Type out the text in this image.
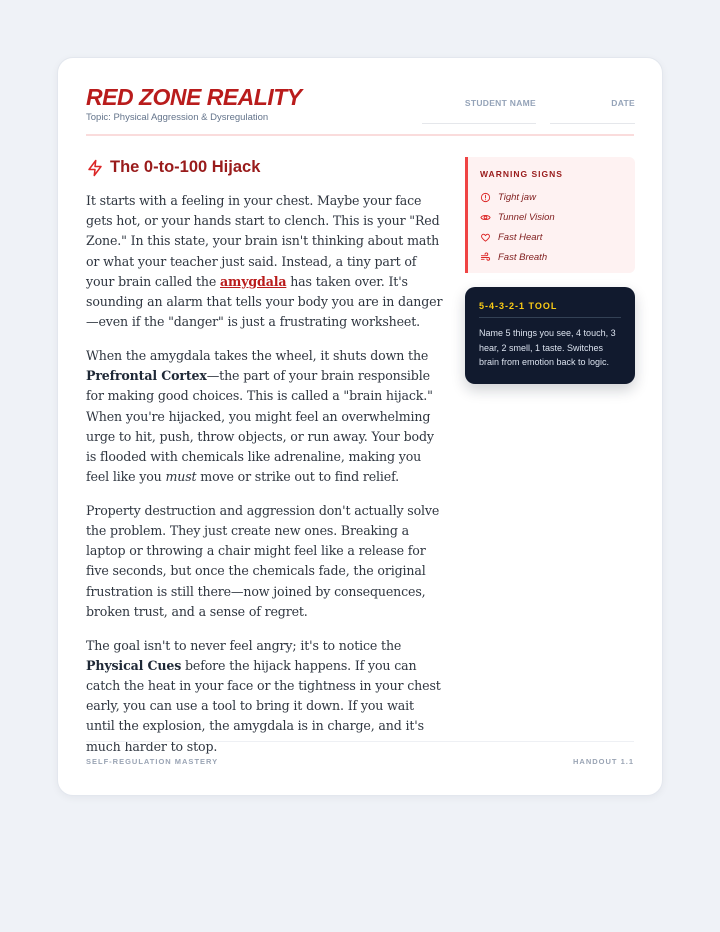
RED ZONE REALITY
Topic: Physical Aggression & Dysregulation
STUDENT NAME	DATE
The 0-to-100 Hijack

It starts with a feeling in your chest. Maybe your face gets hot, or your hands start to clench. This is your "Red Zone." In this state, your brain isn't thinking about math or what your teacher just said. Instead, a tiny part of your brain called the amygdala has taken over. It's sounding an alarm that tells your body you are in danger—even if the "danger" is just a frustrating worksheet.

When the amygdala takes the wheel, it shuts down the Prefrontal Cortex—the part of your brain responsible for making good choices. This is called a "brain hijack." When you're hijacked, you might feel an overwhelming urge to hit, push, throw objects, or run away. Your body is flooded with chemicals like adrenaline, making you feel like you must move or strike out to find relief.

Property destruction and aggression don't actually solve the problem. They just create new ones. Breaking a laptop or throwing a chair might feel like a release for five seconds, but once the chemicals fade, the original frustration is still there—now joined by consequences, broken trust, and a sense of regret.

The goal isn't to never feel angry; it's to notice the Physical Cues before the hijack happens. If you can catch the heat in your face or the tightness in your chest early, you can use a tool to bring it down. If you wait until the explosion, the amygdala is in charge, and it's much harder to stop.

WARNING SIGNS
Tight jaw
Tunnel Vision
Fast Heart
Fast Breath
5-4-3-2-1 TOOL
Name 5 things you see, 4 touch, 3 hear, 2 smell, 1 taste. Switches brain from emotion back to logic.
SELF-REGULATION MASTERY	HANDOUT 1.1
